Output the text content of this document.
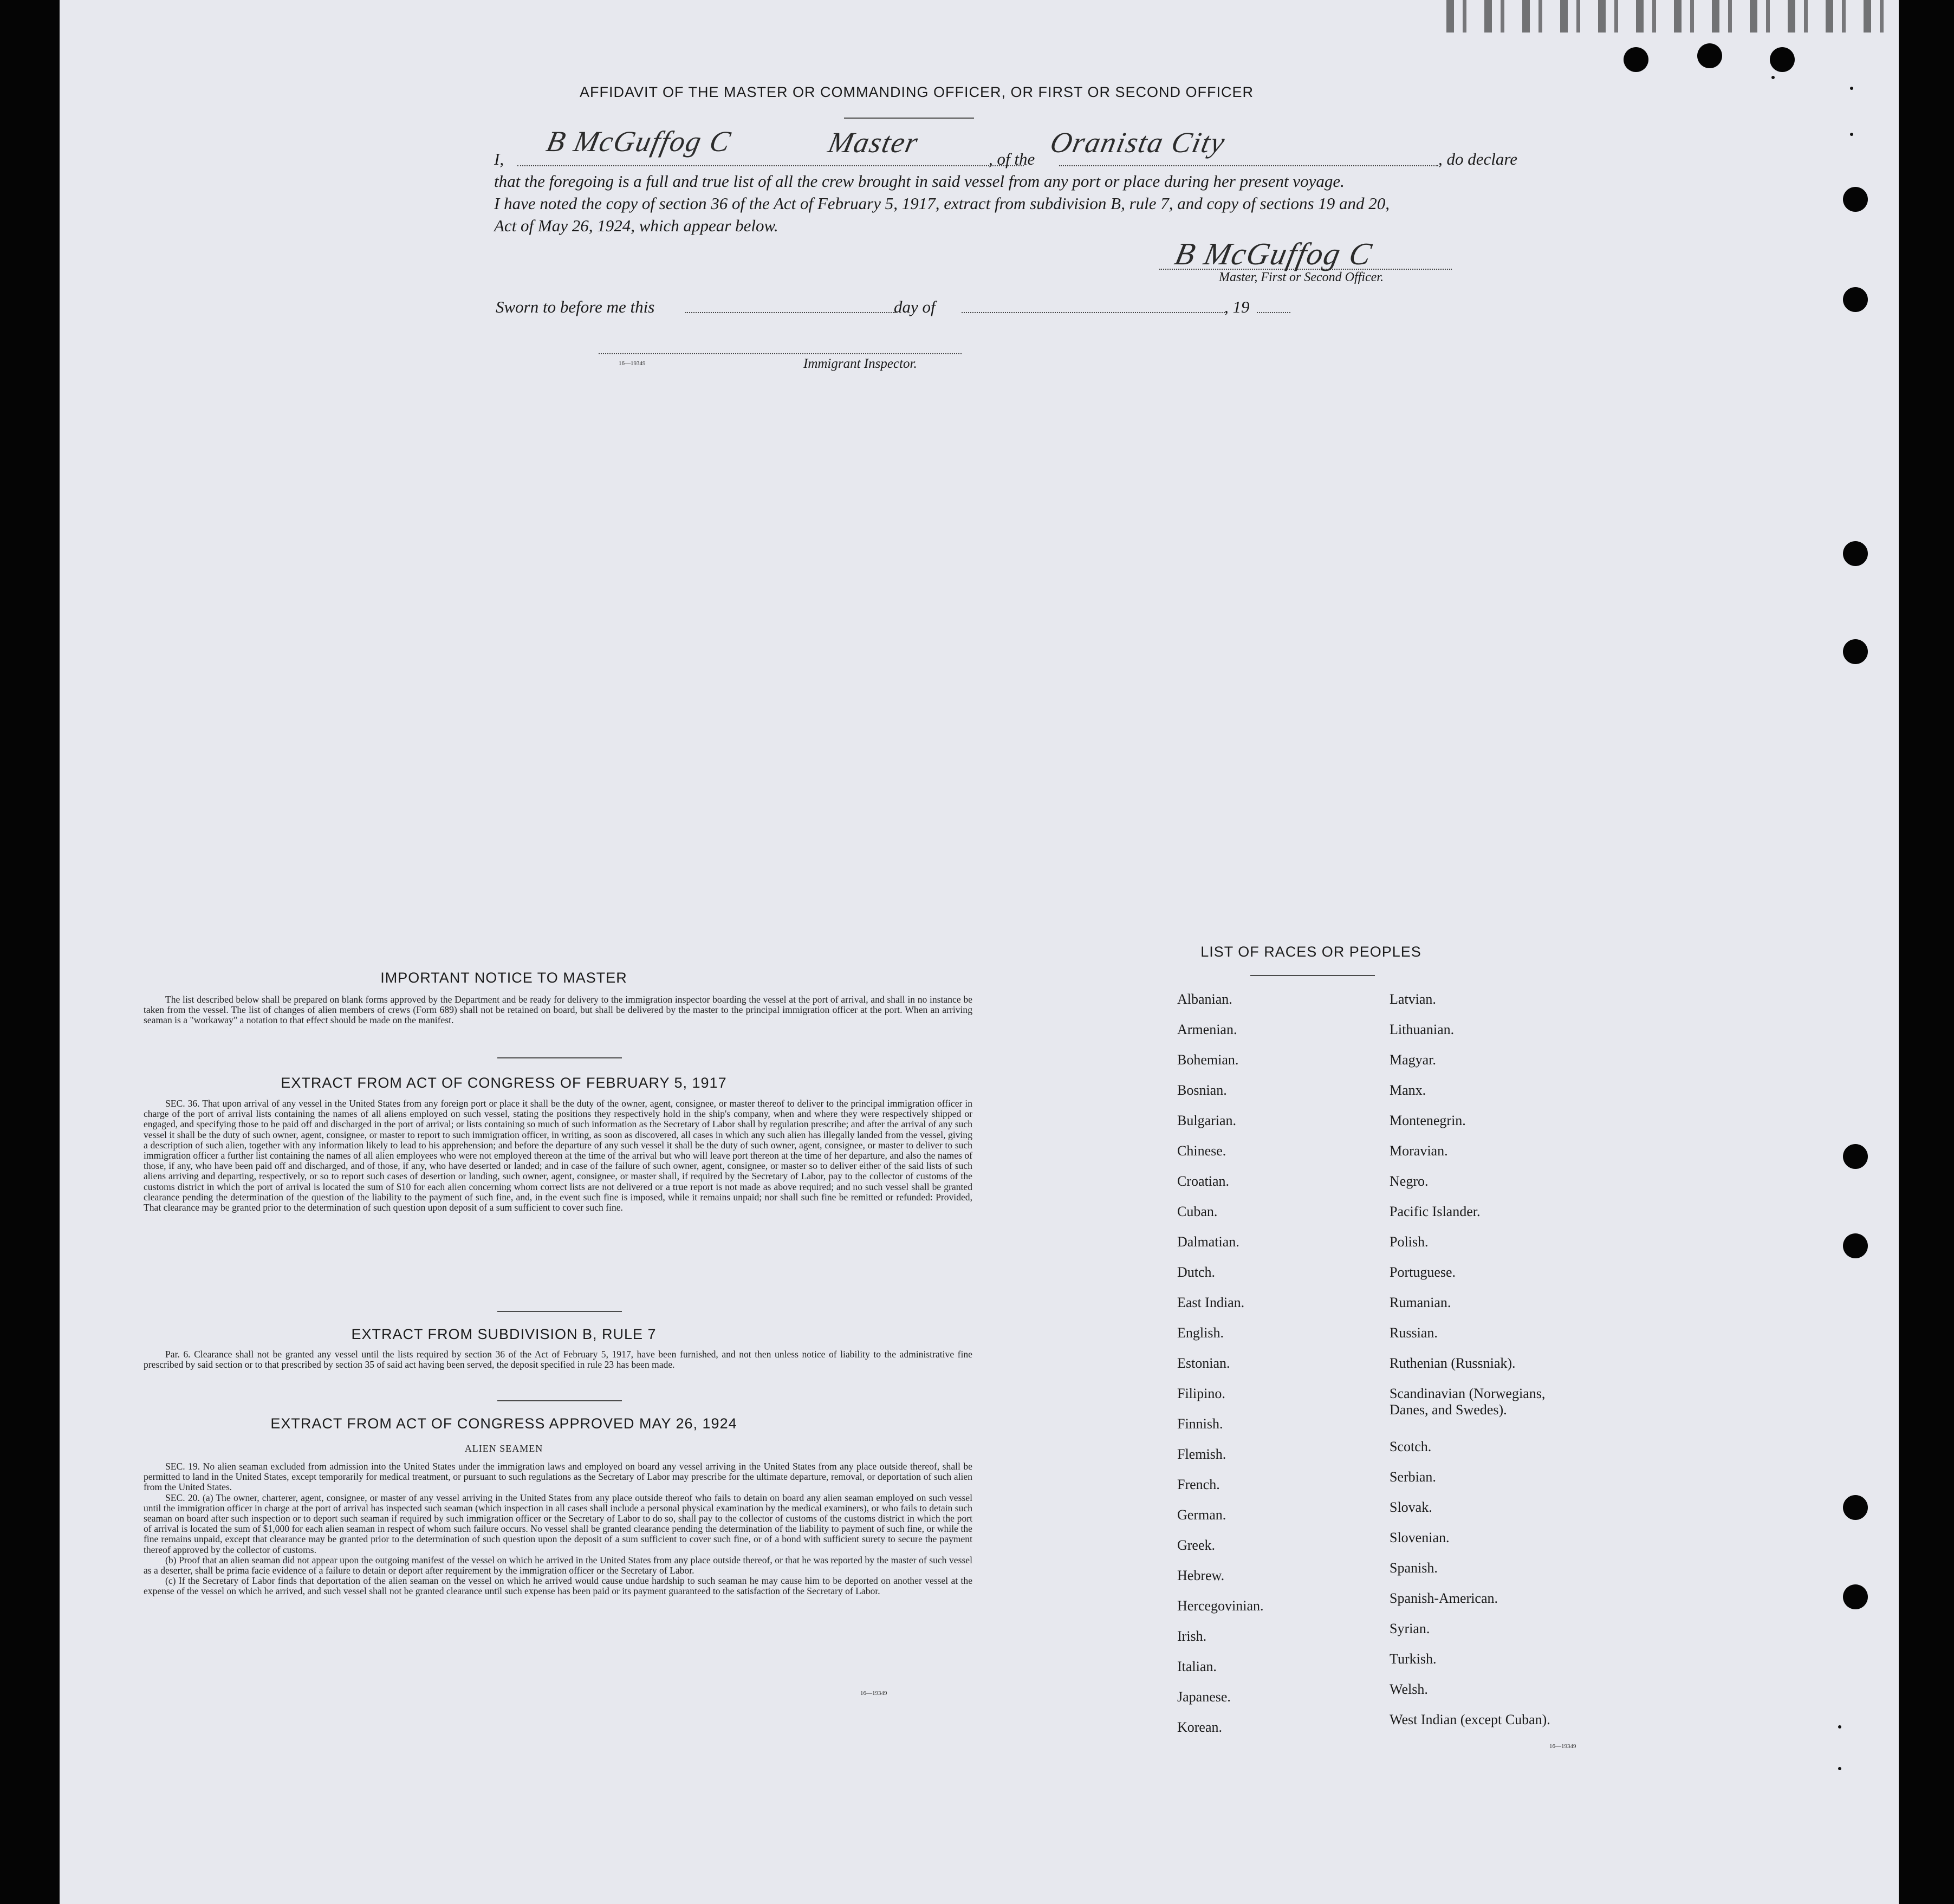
AFFIDAVIT OF THE MASTER OR COMMANDING OFFICER, OR FIRST OR SECOND OFFICER
I,
B McGuffog C	Master
, of the
Oranista City
, do declare
that the foregoing is a full and true list of all the crew brought in said vessel from any port or place during her present voyage.
I have noted the copy of section 36 of the Act of February 5, 1917, extract from subdivision B, rule 7, and copy of sections 19 and 20,
Act of May 26, 1924, which appear below.
B McGuffog C
Master, First or Second Officer.
Sworn to before me this	day of	, 19
16—19349	Immigrant Inspector.
IMPORTANT NOTICE TO MASTER

The list described below shall be prepared on blank forms approved by the Department and be ready for delivery to the immigration inspector boarding the vessel at the port of arrival, and shall in no instance be taken from the vessel. The list of changes of alien members of crews (Form 689) shall not be retained on board, but shall be delivered by the master to the principal immigration officer at the port. When an arriving seaman is a "workaway" a notation to that effect should be made on the manifest.

EXTRACT FROM ACT OF CONGRESS OF FEBRUARY 5, 1917

SEC. 36. That upon arrival of any vessel in the United States from any foreign port or place it shall be the duty of the owner, agent, consignee, or master thereof to deliver to the principal immigration officer in charge of the port of arrival lists containing the names of all aliens employed on such vessel, stating the positions they respectively hold in the ship's company, when and where they were respectively shipped or engaged, and specifying those to be paid off and discharged in the port of arrival; or lists containing so much of such information as the Secretary of Labor shall by regulation prescribe; and after the arrival of any such vessel it shall be the duty of such owner, agent, consignee, or master to report to such immigration officer, in writing, as soon as discovered, all cases in which any such alien has illegally landed from the vessel, giving a description of such alien, together with any information likely to lead to his apprehension; and before the departure of any such vessel it shall be the duty of such owner, agent, consignee, or master to deliver to such immigration officer a further list containing the names of all alien employees who were not employed thereon at the time of the arrival but who will leave port thereon at the time of her departure, and also the names of those, if any, who have been paid off and discharged, and of those, if any, who have deserted or landed; and in case of the failure of such owner, agent, consignee, or master so to deliver either of the said lists of such aliens arriving and departing, respectively, or so to report such cases of desertion or landing, such owner, agent, consignee, or master shall, if required by the Secretary of Labor, pay to the collector of customs of the customs district in which the port of arrival is located the sum of $10 for each alien concerning whom correct lists are not delivered or a true report is not made as above required; and no such vessel shall be granted clearance pending the determination of the question of the liability to the payment of such fine, and, in the event such fine is imposed, while it remains unpaid; nor shall such fine be remitted or refunded: Provided, That clearance may be granted prior to the determination of such question upon deposit of a sum sufficient to cover such fine.

EXTRACT FROM SUBDIVISION B, RULE 7

Par. 6. Clearance shall not be granted any vessel until the lists required by section 36 of the Act of February 5, 1917, have been furnished, and not then unless notice of liability to the administrative fine prescribed by said section or to that prescribed by section 35 of said act having been served, the deposit specified in rule 23 has been made.

EXTRACT FROM ACT OF CONGRESS APPROVED MAY 26, 1924
ALIEN SEAMEN

SEC. 19. No alien seaman excluded from admission into the United States under the immigration laws and employed on board any vessel arriving in the United States from any place outside thereof, shall be permitted to land in the United States, except temporarily for medical treatment, or pursuant to such regulations as the Secretary of Labor may prescribe for the ultimate departure, removal, or deportation of such alien from the United States.

SEC. 20. (a) The owner, charterer, agent, consignee, or master of any vessel arriving in the United States from any place outside thereof who fails to detain on board any alien seaman employed on such vessel until the immigration officer in charge at the port of arrival has inspected such seaman (which inspection in all cases shall include a personal physical examination by the medical examiners), or who fails to detain such seaman on board after such inspection or to deport such seaman if required by such immigration officer or the Secretary of Labor to do so, shall pay to the collector of customs of the customs district in which the port of arrival is located the sum of $1,000 for each alien seaman in respect of whom such failure occurs. No vessel shall be granted clearance pending the determination of the liability to payment of such fine, or while the fine remains unpaid, except that clearance may be granted prior to the determination of such question upon the deposit of a sum sufficient to cover such fine, or of a bond with sufficient surety to secure the payment thereof approved by the collector of customs.

(b) Proof that an alien seaman did not appear upon the outgoing manifest of the vessel on which he arrived in the United States from any place outside thereof, or that he was reported by the master of such vessel as a deserter, shall be prima facie evidence of a failure to detain or deport after requirement by the immigration officer or the Secretary of Labor.

(c) If the Secretary of Labor finds that deportation of the alien seaman on the vessel on which he arrived would cause undue hardship to such seaman he may cause him to be deported on another vessel at the expense of the vessel on which he arrived, and such vessel shall not be granted clearance until such expense has been paid or its payment guaranteed to the satisfaction of the Secretary of Labor.

16—19349
LIST OF RACES OR PEOPLES
Albanian.
Armenian.
Bohemian.
Bosnian.
Bulgarian.
Chinese.
Croatian.
Cuban.
Dalmatian.
Dutch.
East Indian.
English.
Estonian.
Filipino.
Finnish.
Flemish.
French.
German.
Greek.
Hebrew.
Hercegovinian.
Irish.
Italian.
Japanese.
Korean.
Latvian.
Lithuanian.
Magyar.
Manx.
Montenegrin.
Moravian.
Negro.
Pacific Islander.
Polish.
Portuguese.
Rumanian.
Russian.
Ruthenian (Russniak).
Scandinavian (Norwegians,
Danes, and Swedes).
Scotch.
Serbian.
Slovak.
Slovenian.
Spanish.
Spanish-American.
Syrian.
Turkish.
Welsh.
West Indian (except Cuban).
16—19349
